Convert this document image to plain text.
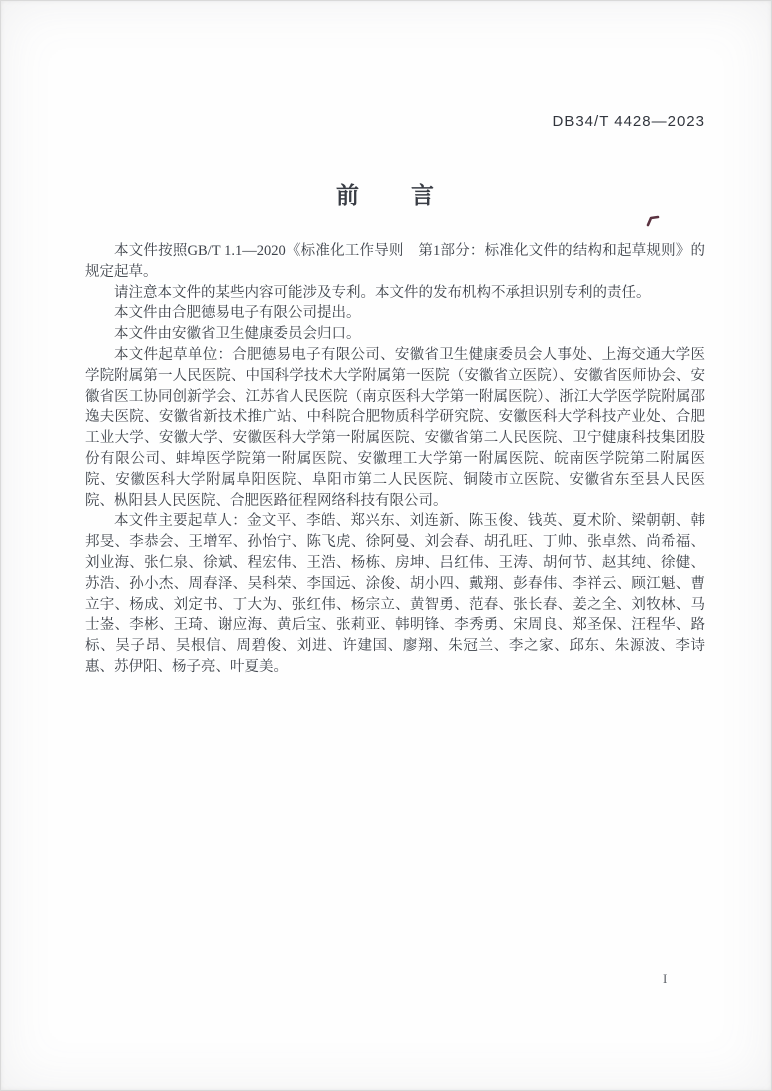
DB34/T 4428—2023
前　　言

本文件按照GB/T 1.1—2020《标准化工作导则　第1部分：标准化文件的结构和起草规则》的规定起草。

请注意本文件的某些内容可能涉及专利。本文件的发布机构不承担识别专利的责任。

本文件由合肥德易电子有限公司提出。

本文件由安徽省卫生健康委员会归口。

本文件起草单位：合肥德易电子有限公司、安徽省卫生健康委员会人事处、上海交通大学医学院附属第一人民医院、中国科学技术大学附属第一医院（安徽省立医院）、安徽省医师协会、安徽省医工协同创新学会、江苏省人民医院（南京医科大学第一附属医院）、浙江大学医学院附属邵逸夫医院、安徽省新技术推广站、中科院合肥物质科学研究院、安徽医科大学科技产业处、合肥工业大学、安徽大学、安徽医科大学第一附属医院、安徽省第二人民医院、卫宁健康科技集团股份有限公司、蚌埠医学院第一附属医院、安徽理工大学第一附属医院、皖南医学院第二附属医院、安徽医科大学附属阜阳医院、阜阳市第二人民医院、铜陵市立医院、安徽省东至县人民医院、枞阳县人民医院、合肥医路征程网络科技有限公司。

本文件主要起草人：金文平、李皓、郑兴东、刘连新、陈玉俊、钱英、夏术阶、梁朝朝、韩邦旻、李恭会、王增军、孙怡宁、陈飞虎、徐阿曼、刘会春、胡孔旺、丁帅、张卓然、尚希福、刘业海、张仁泉、徐斌、程宏伟、王浩、杨栋、房坤、吕红伟、王涛、胡何节、赵其纯、徐健、苏浩、孙小杰、周春泽、吴科荣、李国远、涂俊、胡小四、戴翔、彭春伟、李祥云、顾江魁、曹立宇、杨成、刘定书、丁大为、张红伟、杨宗立、黄智勇、范春、张长春、姜之全、刘牧林、马士崟、李彬、王琦、谢应海、黄后宝、张莉亚、韩明锋、李秀勇、宋周良、郑圣保、汪程华、路标、吴子昂、吴根信、周碧俊、刘进、许建国、廖翔、朱冠兰、李之家、邱东、朱源波、李诗惠、苏伊阳、杨子亮、叶夏美。

I
